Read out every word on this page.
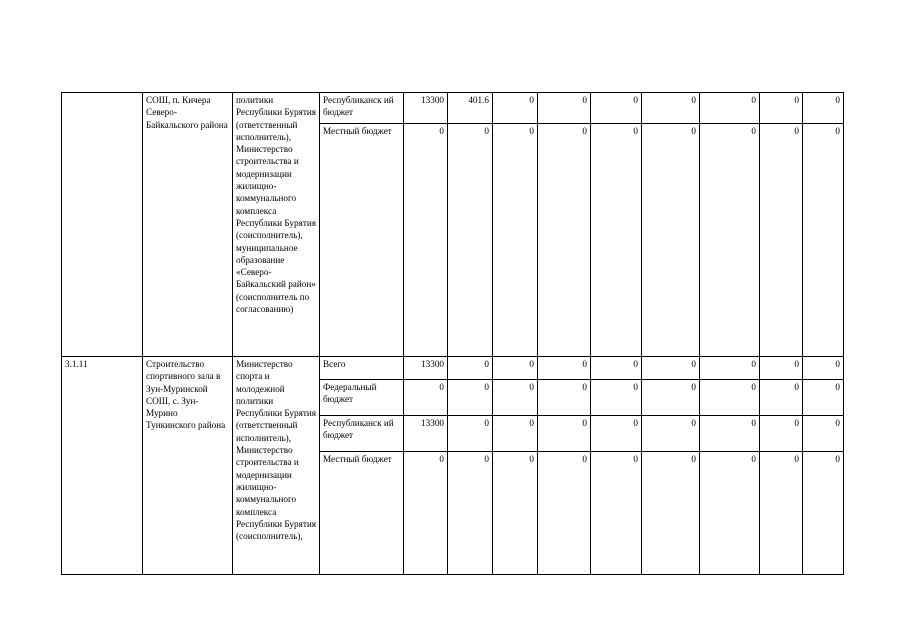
	СОШ, п. Кичера Северо- Байкальского района	политики Республики Бурятия (ответственный исполнитель), Министерство строительства и модернизации жилищно- коммунального комплекса Республики Бурятия (соисполнитель), муниципальное образование «Северо- Байкальский район» (соисполнитель по согласованию)	Республиканск ий бюджет	13300	401.6	0	0	0	0	0	0	0
			Местный бюджет	0	0	0	0	0	0	0	0	0
3.1.11	Строительство спортивного зала в Зун-Муринской СОШ, с. Зун- Мурино Тункинского района	Министерство спорта и молодежной политики Республики Бурятия (ответственный исполнитель), Министерство строительства и модернизации жилищно- коммунального комплекса Республики Бурятия (соисполнитель),	Всего	13300	0	0	0	0	0	0	0	0
			Федеральный бюджет	0	0	0	0	0	0	0	0	0
			Республиканск ий бюджет	13300	0	0	0	0	0	0	0	0
			Местный бюджет	0	0	0	0	0	0	0	0	0
